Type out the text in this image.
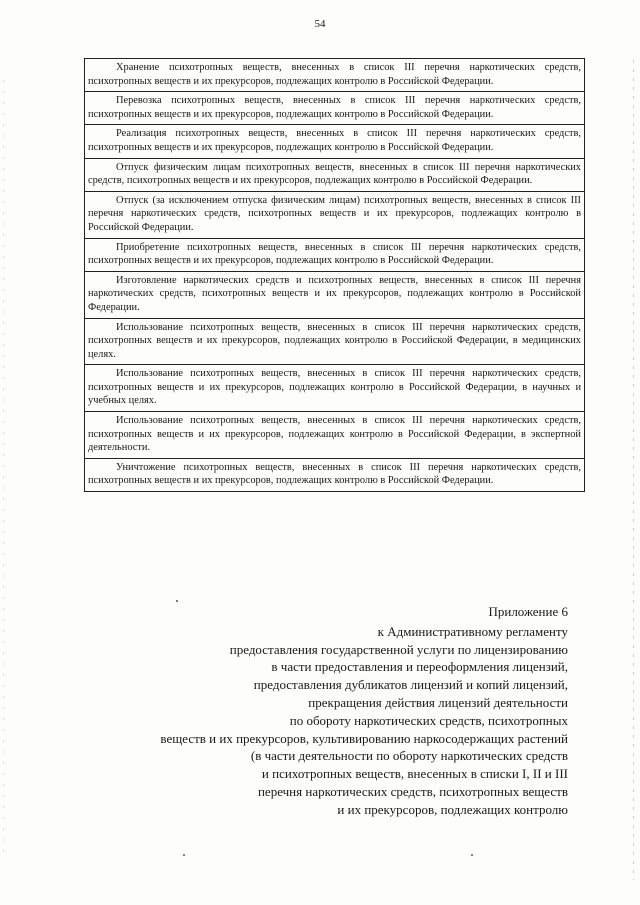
54
Хранение психотропных веществ, внесенных в список III перечня наркотических средств, психотропных веществ и их прекурсоров, подлежащих контролю в Российской Федерации.
Перевозка психотропных веществ, внесенных в список III перечня наркотических средств, психотропных веществ и их прекурсоров, подлежащих контролю в Российской Федерации.
Реализация психотропных веществ, внесенных в список III перечня наркотических средств, психотропных веществ и их прекурсоров, подлежащих контролю в Российской Федерации.
Отпуск физическим лицам психотропных веществ, внесенных в список III перечня наркотических средств, психотропных веществ и их прекурсоров, подлежащих контролю в Российской Федерации.
Отпуск (за исключением отпуска физическим лицам) психотропных веществ, внесенных в список III перечня наркотических средств, психотропных веществ и их прекурсоров, подлежащих контролю в Российской Федерации.
Приобретение психотропных веществ, внесенных в список III перечня наркотических средств, психотропных веществ и их прекурсоров, подлежащих контролю в Российской Федерации.
Изготовление наркотических средств и психотропных веществ, внесенных в список III перечня наркотических средств, психотропных веществ и их прекурсоров, подлежащих контролю в Российской Федерации.
Использование психотропных веществ, внесенных в список III перечня наркотических средств, психотропных веществ и их прекурсоров, подлежащих контролю в Российской Федерации, в медицинских целях.
Использование психотропных веществ, внесенных в список III перечня наркотических средств, психотропных веществ и их прекурсоров, подлежащих контролю в Российской Федерации, в научных и учебных целях.
Использование психотропных веществ, внесенных в список III перечня наркотических средств, психотропных веществ и их прекурсоров, подлежащих контролю в Российской Федерации, в экспертной деятельности.
Уничтожение психотропных веществ, внесенных в список III перечня наркотических средств, психотропных веществ и их прекурсоров, подлежащих контролю в Российской Федерации.
Приложение 6
к Административному регламенту
предоставления государственной услуги по лицензированию
в части предоставления и переоформления лицензий,
предоставления дубликатов лицензий и копий лицензий,
прекращения действия лицензий деятельности
по обороту наркотических средств, психотропных
веществ и их прекурсоров, культивированию наркосодержащих растений
(в части деятельности по обороту наркотических средств
и психотропных веществ, внесенных в списки I, II и III
перечня наркотических средств, психотропных веществ
и их прекурсоров, подлежащих контролю
